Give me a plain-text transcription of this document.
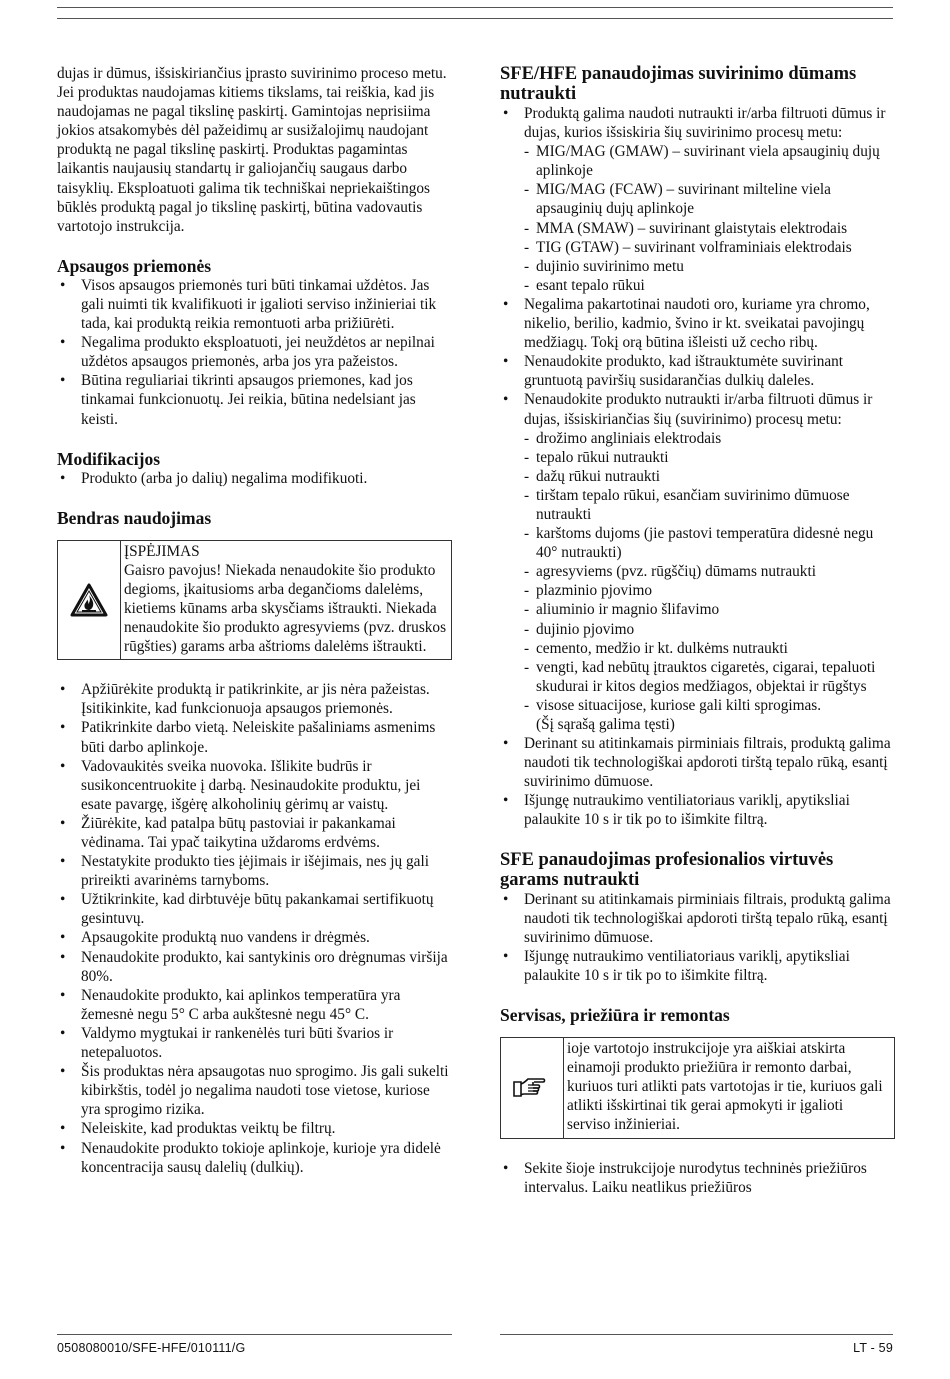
dujas ir dūmus, išsiskiriančius įprasto suvirinimo proceso metu. Jei produktas naudojamas kitiems tikslams, tai reiškia, kad jis naudojamas ne pagal tikslinę paskirtį. Gamintojas neprisiima jokios atsakomybės dėl pažeidimų ar susižalojimų naudojant produktą ne pagal tikslinę paskirtį. Produktas pagamintas laikantis naujausių standartų ir galiojančių saugaus darbo taisyklių. Eksploatuoti galima tik techniškai nepriekaištingos būklės produktą pagal jo tikslinę paskirtį, būtina vadovautis vartotojo instrukcija.

Apsaugos priemonės
• Visos apsaugos priemonės turi būti tinkamai uždėtos. Jas gali nuimti tik kvalifikuoti ir įgalioti serviso inžinieriai tik tada, kai produktą reikia remontuoti arba prižiūrėti.
• Negalima produkto eksploatuoti, jei neuždėtos ar nepilnai uždėtos apsaugos priemonės, arba jos yra pažeistos.
• Būtina reguliariai tikrinti apsaugos priemones, kad jos tinkamai funkcionuotų. Jei reikia, būtina nedelsiant jas keisti.
Modifikacijos
• Produkto (arba jo dalių) negalima modifikuoti.
Bendras naudojimas
ĮSPĖJIMAS
Gaisro pavojus! Niekada nenaudokite šio produkto degioms, įkaitusioms arba degančioms dalelėms, kietiems kūnams arba skysčiams ištraukti. Niekada nenaudokite šio produkto agresyviems (pvz. druskos rūgšties) garams arba aštrioms dalelėms ištraukti.
• Apžiūrėkite produktą ir patikrinkite, ar jis nėra pažeistas. Įsitikinkite, kad funkcionuoja apsaugos priemonės.
• Patikrinkite darbo vietą. Neleiskite pašaliniams asmenims būti darbo aplinkoje.
• Vadovaukitės sveika nuovoka. Išlikite budrūs ir susikoncentruokite į darbą. Nesinaudokite produktu, jei esate pavargę, išgėrę alkoholinių gėrimų ar vaistų.
• Žiūrėkite, kad patalpa būtų pastoviai ir pakankamai vėdinama. Tai ypač taikytina uždaroms erdvėms.
• Nestatykite produkto ties įėjimais ir išėjimais, nes jų gali prireikti avarinėms tarnyboms.
• Užtikrinkite, kad dirbtuvėje būtų pakankamai sertifikuotų gesintuvų.
• Apsaugokite produktą nuo vandens ir drėgmės.
• Nenaudokite produkto, kai santykinis oro drėgnumas viršija 80%.
• Nenaudokite produkto, kai aplinkos temperatūra yra žemesnė negu 5° C arba aukštesnė negu 45° C.
• Valdymo mygtukai ir rankenėlės turi būti švarios ir netepaluotos.
• Šis produktas nėra apsaugotas nuo sprogimo. Jis gali sukelti kibirkštis, todėl jo negalima naudoti tose vietose, kuriose yra sprogimo rizika.
• Neleiskite, kad produktas veiktų be filtrų.
• Nenaudokite produkto tokioje aplinkoje, kurioje yra didelė koncentracija sausų dalelių (dulkių).
SFE/HFE panaudojimas suvirinimo dūmams nutraukti
• Produktą galima naudoti nutraukti ir/arba filtruoti dūmus ir dujas, kurios išsiskiria šių suvirinimo procesų metu:
- MIG/MAG (GMAW) – suvirinant viela apsauginių dujų aplinkoje
- MIG/MAG (FCAW) – suvirinant milteline viela apsauginių dujų aplinkoje
- MMA (SMAW) – suvirinant glaistytais elektrodais
- TIG (GTAW) – suvirinant volframiniais elektrodais
- dujinio suvirinimo metu
- esant tepalo rūkui
• Negalima pakartotinai naudoti oro, kuriame yra chromo, nikelio, berilio, kadmio, švino ir kt. sveikatai pavojingų medžiagų. Tokį orą būtina išleisti už cecho ribų.
• Nenaudokite produkto, kad ištrauktumėte suvirinant gruntuotą paviršių susidarančias dulkių daleles.
• Nenaudokite produkto nutraukti ir/arba filtruoti dūmus ir dujas, išsiskiriančias šių (suvirinimo) procesų metu:
- drožimo angliniais elektrodais
- tepalo rūkui nutraukti
- dažų rūkui nutraukti
- tirštam tepalo rūkui, esančiam suvirinimo dūmuose nutraukti
- karštoms dujoms (jie pastovi temperatūra didesnė negu 40° nutraukti)
- agresyviems (pvz. rūgščių) dūmams nutraukti
- plazminio pjovimo
- aliuminio ir magnio šlifavimo
- dujinio pjovimo
- cemento, medžio ir kt. dulkėms nutraukti
- vengti, kad nebūtų įtrauktos cigaretės, cigarai, tepaluoti skudurai ir kitos degios medžiagos, objektai ir rūgštys
- visose situacijose, kuriose gali kilti sprogimas.
(Šį sąrašą galima tęsti)
• Derinant su atitinkamais pirminiais filtrais, produktą galima naudoti tik technologiškai apdoroti tirštą tepalo rūką, esantį suvirinimo dūmuose.
• Išjungę nutraukimo ventiliatoriaus variklį, apytiksliai palaukite 10 s ir tik po to išimkite filtrą.
SFE panaudojimas profesionalios virtuvės garams nutraukti
• Derinant su atitinkamais pirminiais filtrais, produktą galima naudoti tik technologiškai apdoroti tirštą tepalo rūką, esantį suvirinimo dūmuose.
• Išjungę nutraukimo ventiliatoriaus variklį, apytiksliai palaukite 10 s ir tik po to išimkite filtrą.
Servisas, priežiūra ir remontas
ioje vartotojo instrukcijoje yra aiškiai atskirta einamoji produkto priežiūra ir remonto darbai, kuriuos turi atlikti pats vartotojas ir tie, kuriuos gali atlikti išskirtinai tik gerai apmokyti ir įgalioti serviso inžinieriai.
• Sekite šioje instrukcijoje nurodytus techninės priežiūros intervalus. Laiku neatlikus priežiūros
0508080010/SFE-HFE/010111/G	LT - 59
